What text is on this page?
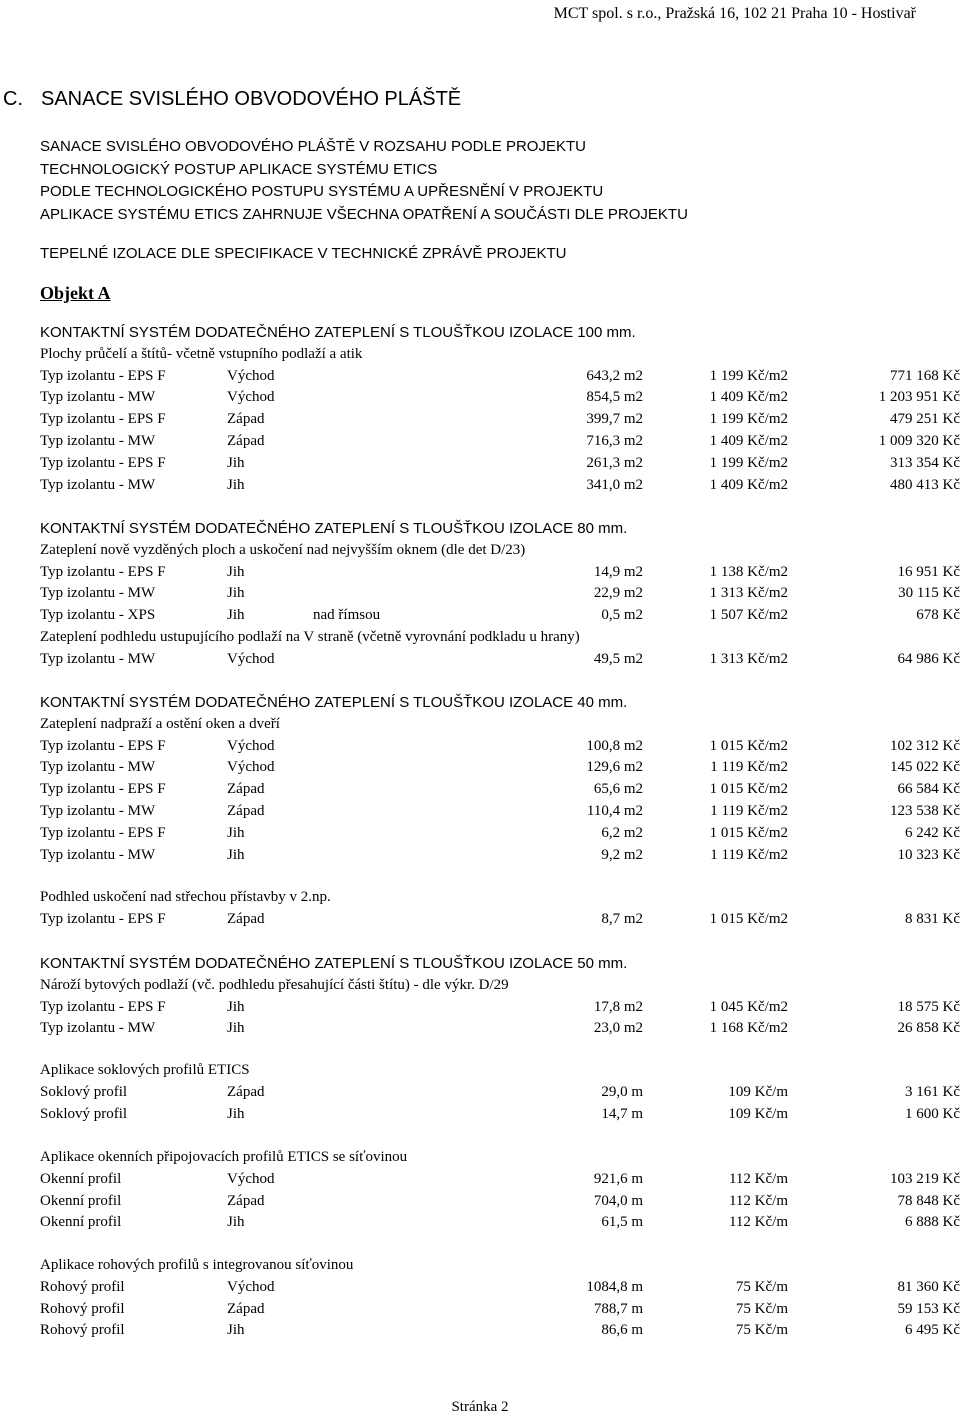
MCT spol. s r.o., Pražská 16, 102 21 Praha 10 - Hostivař
C. SANACE SVISLÉHO OBVODOVÉHO PLÁŠTĚ
SANACE SVISLÉHO OBVODOVÉHO PLÁŠTĚ V ROZSAHU PODLE PROJEKTU
TECHNOLOGICKÝ POSTUP APLIKACE SYSTÉMU ETICS
PODLE TECHNOLOGICKÉHO POSTUPU SYSTÉMU A UPŘESNĚNÍ V PROJEKTU
APLIKACE SYSTÉMU ETICS ZAHRNUJE VŠECHNA OPATŘENÍ A SOUČÁSTI DLE PROJEKTU
TEPELNÉ IZOLACE DLE SPECIFIKACE V TECHNICKÉ ZPRÁVĚ PROJEKTU
Objekt A
KONTAKTNÍ SYSTÉM DODATEČNÉHO ZATEPLENÍ S TLOUŠŤKOU IZOLACE 100 mm.
Plochy průčelí a štítů- včetně vstupního podlaží a atik
Typ izolantu - EPS F	Východ	643,2 m2	1 199 Kč/m2	771 168 Kč
Typ izolantu - MW	Východ	854,5 m2	1 409 Kč/m2	1 203 951 Kč
Typ izolantu - EPS F	Západ	399,7 m2	1 199 Kč/m2	479 251 Kč
Typ izolantu - MW	Západ	716,3 m2	1 409 Kč/m2	1 009 320 Kč
Typ izolantu - EPS F	Jih	261,3 m2	1 199 Kč/m2	313 354 Kč
Typ izolantu - MW	Jih	341,0 m2	1 409 Kč/m2	480 413 Kč
KONTAKTNÍ SYSTÉM DODATEČNÉHO ZATEPLENÍ S TLOUŠŤKOU IZOLACE 80 mm.
Zateplení nově vyzděných ploch a uskočení nad nejvyšším oknem (dle det D/23)
Typ izolantu - EPS F	Jih	14,9 m2	1 138 Kč/m2	16 951 Kč
Typ izolantu - MW	Jih	22,9 m2	1 313 Kč/m2	30 115 Kč
Typ izolantu - XPS	Jih	nad římsou	0,5 m2	1 507 Kč/m2	678 Kč
Zateplení podhledu ustupujícího podlaží na V straně (včetně vyrovnání podkladu u hrany)
Typ izolantu - MW	Východ	49,5 m2	1 313 Kč/m2	64 986 Kč
KONTAKTNÍ SYSTÉM DODATEČNÉHO ZATEPLENÍ S TLOUŠŤKOU IZOLACE 40 mm.
Zateplení nadpraží a ostění oken a dveří
Typ izolantu - EPS F	Východ	100,8 m2	1 015 Kč/m2	102 312 Kč
Typ izolantu - MW	Východ	129,6 m2	1 119 Kč/m2	145 022 Kč
Typ izolantu - EPS F	Západ	65,6 m2	1 015 Kč/m2	66 584 Kč
Typ izolantu - MW	Západ	110,4 m2	1 119 Kč/m2	123 538 Kč
Typ izolantu - EPS F	Jih	6,2 m2	1 015 Kč/m2	6 242 Kč
Typ izolantu - MW	Jih	9,2 m2	1 119 Kč/m2	10 323 Kč
Podhled uskočení nad střechou přístavby v 2.np.
Typ izolantu - EPS F	Západ	8,7 m2	1 015 Kč/m2	8 831 Kč
KONTAKTNÍ SYSTÉM DODATEČNÉHO ZATEPLENÍ S TLOUŠŤKOU IZOLACE 50 mm.
Nároží bytových podlaží (vč. podhledu přesahující části štítu) - dle výkr. D/29
Typ izolantu - EPS F	Jih	17,8 m2	1 045 Kč/m2	18 575 Kč
Typ izolantu - MW	Jih	23,0 m2	1 168 Kč/m2	26 858 Kč
Aplikace soklových profilů ETICS
Soklový profil	Západ	29,0 m	109 Kč/m	3 161 Kč
Soklový profil	Jih	14,7 m	109 Kč/m	1 600 Kč
Aplikace okenních připojovacích profilů ETICS se síťovinou
Okenní profil	Východ	921,6 m	112 Kč/m	103 219 Kč
Okenní profil	Západ	704,0 m	112 Kč/m	78 848 Kč
Okenní profil	Jih	61,5 m	112 Kč/m	6 888 Kč
Aplikace rohových profilů s integrovanou síťovinou
Rohový profil	Východ	1084,8 m	75 Kč/m	81 360 Kč
Rohový profil	Západ	788,7 m	75 Kč/m	59 153 Kč
Rohový profil	Jih	86,6 m	75 Kč/m	6 495 Kč
Stránka 2
